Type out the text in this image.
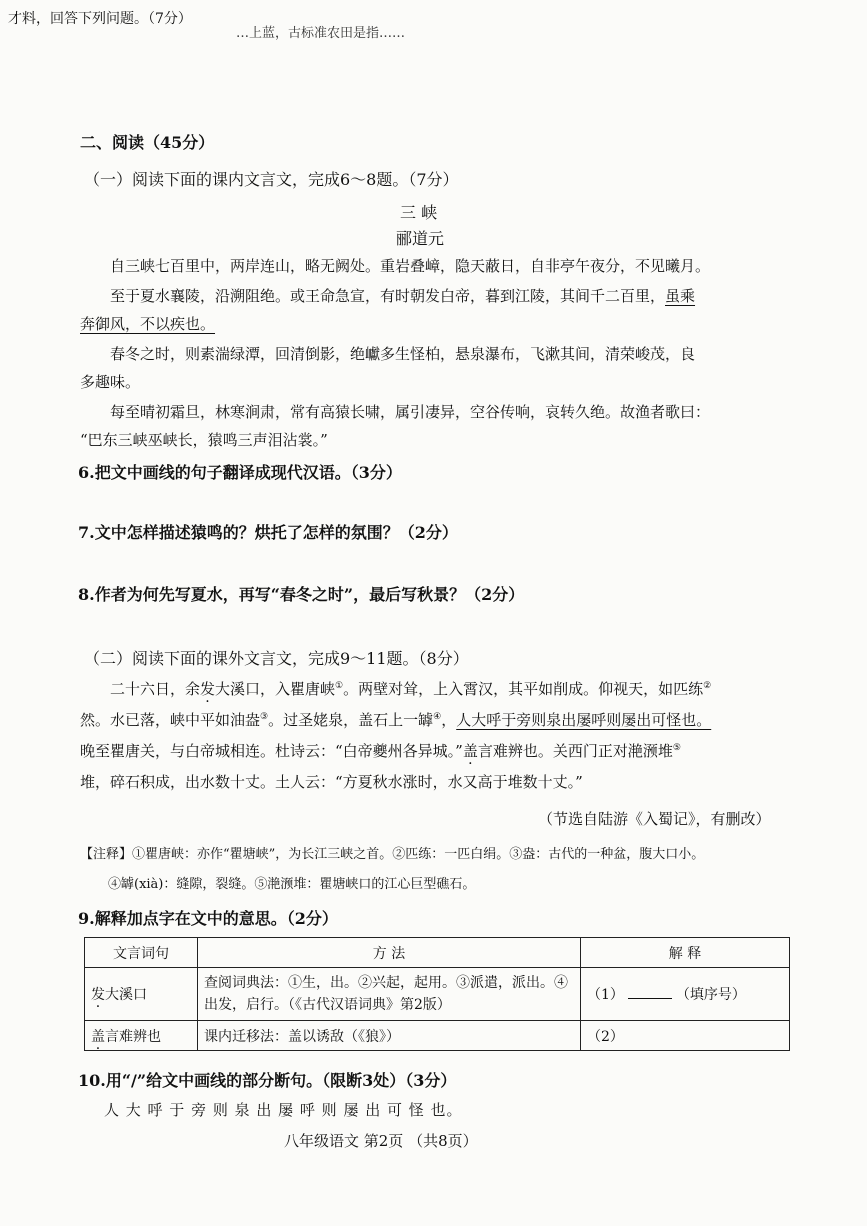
才料，回答下列问题。（7分）
…上蓝，古标准农田是指……
二、阅读（45分）
（一）阅读下面的课内文言文，完成6～8题。（7分）
三 峡
郦道元
自三峡七百里中，两岸连山，略无阙处。重岩叠嶂，隐天蔽日，自非亭午夜分，不见曦月。
至于夏水襄陵，沿溯阻绝。或王命急宣，有时朝发白帝，暮到江陵，其间千二百里，虽乘
奔御风，不以疾也。
春冬之时，则素湍绿潭，回清倒影，绝巘多生怪柏，悬泉瀑布，飞漱其间，清荣峻茂，良
多趣味。
每至晴初霜旦，林寒涧肃，常有高猿长啸，属引凄异，空谷传响，哀转久绝。故渔者歌曰：
“巴东三峡巫峡长，猿鸣三声泪沾裳。”
6.把文中画线的句子翻译成现代汉语。（3分）
7.文中怎样描述猿鸣的？烘托了怎样的氛围？（2分）
8.作者为何先写夏水，再写“春冬之时”，最后写秋景？（2分）
（二）阅读下面的课外文言文，完成9～11题。（8分）
二十六日，余发大溪口，入瞿唐峡①。两壁对耸，上入霄汉，其平如削成。仰视天，如匹练②
然。水已落，峡中平如油盎③。过圣姥泉，盖石上一罅④，人大呼于旁则泉出屡呼则屡出可怪也。
晚至瞿唐关，与白帝城相连。杜诗云：“白帝夔州各异城。”盖言难辨也。关西门正对滟滪堆⑤
堆，碎石积成，出水数十丈。土人云：“方夏秋水涨时，水又高于堆数十丈。”
（节选自陆游《入蜀记》，有删改）
【注释】①瞿唐峡：亦作“瞿塘峡”，为长江三峡之首。②匹练：一匹白绢。③盎：古代的一种盆，腹大口小。
④罅(xià)：缝隙，裂缝。⑤滟滪堆：瞿塘峡口的江心巨型礁石。
9.解释加点字在文中的意思。（2分）
文言词句	方 法	解 释
发大溪口	查阅词典法：①生，出。②兴起，起用。③派遣，派出。④出发，启行。（《古代汉语词典》第2版）	（1） （填序号）
盖言难辨也	课内迁移法：盖以诱敌（《狼》）	（2）
10.用“/”给文中画线的部分断句。（限断3处）（3分）
人 大 呼 于 旁 则 泉 出 屡 呼 则 屡 出 可 怪 也。
八年级语文 第2页 （共8页）
